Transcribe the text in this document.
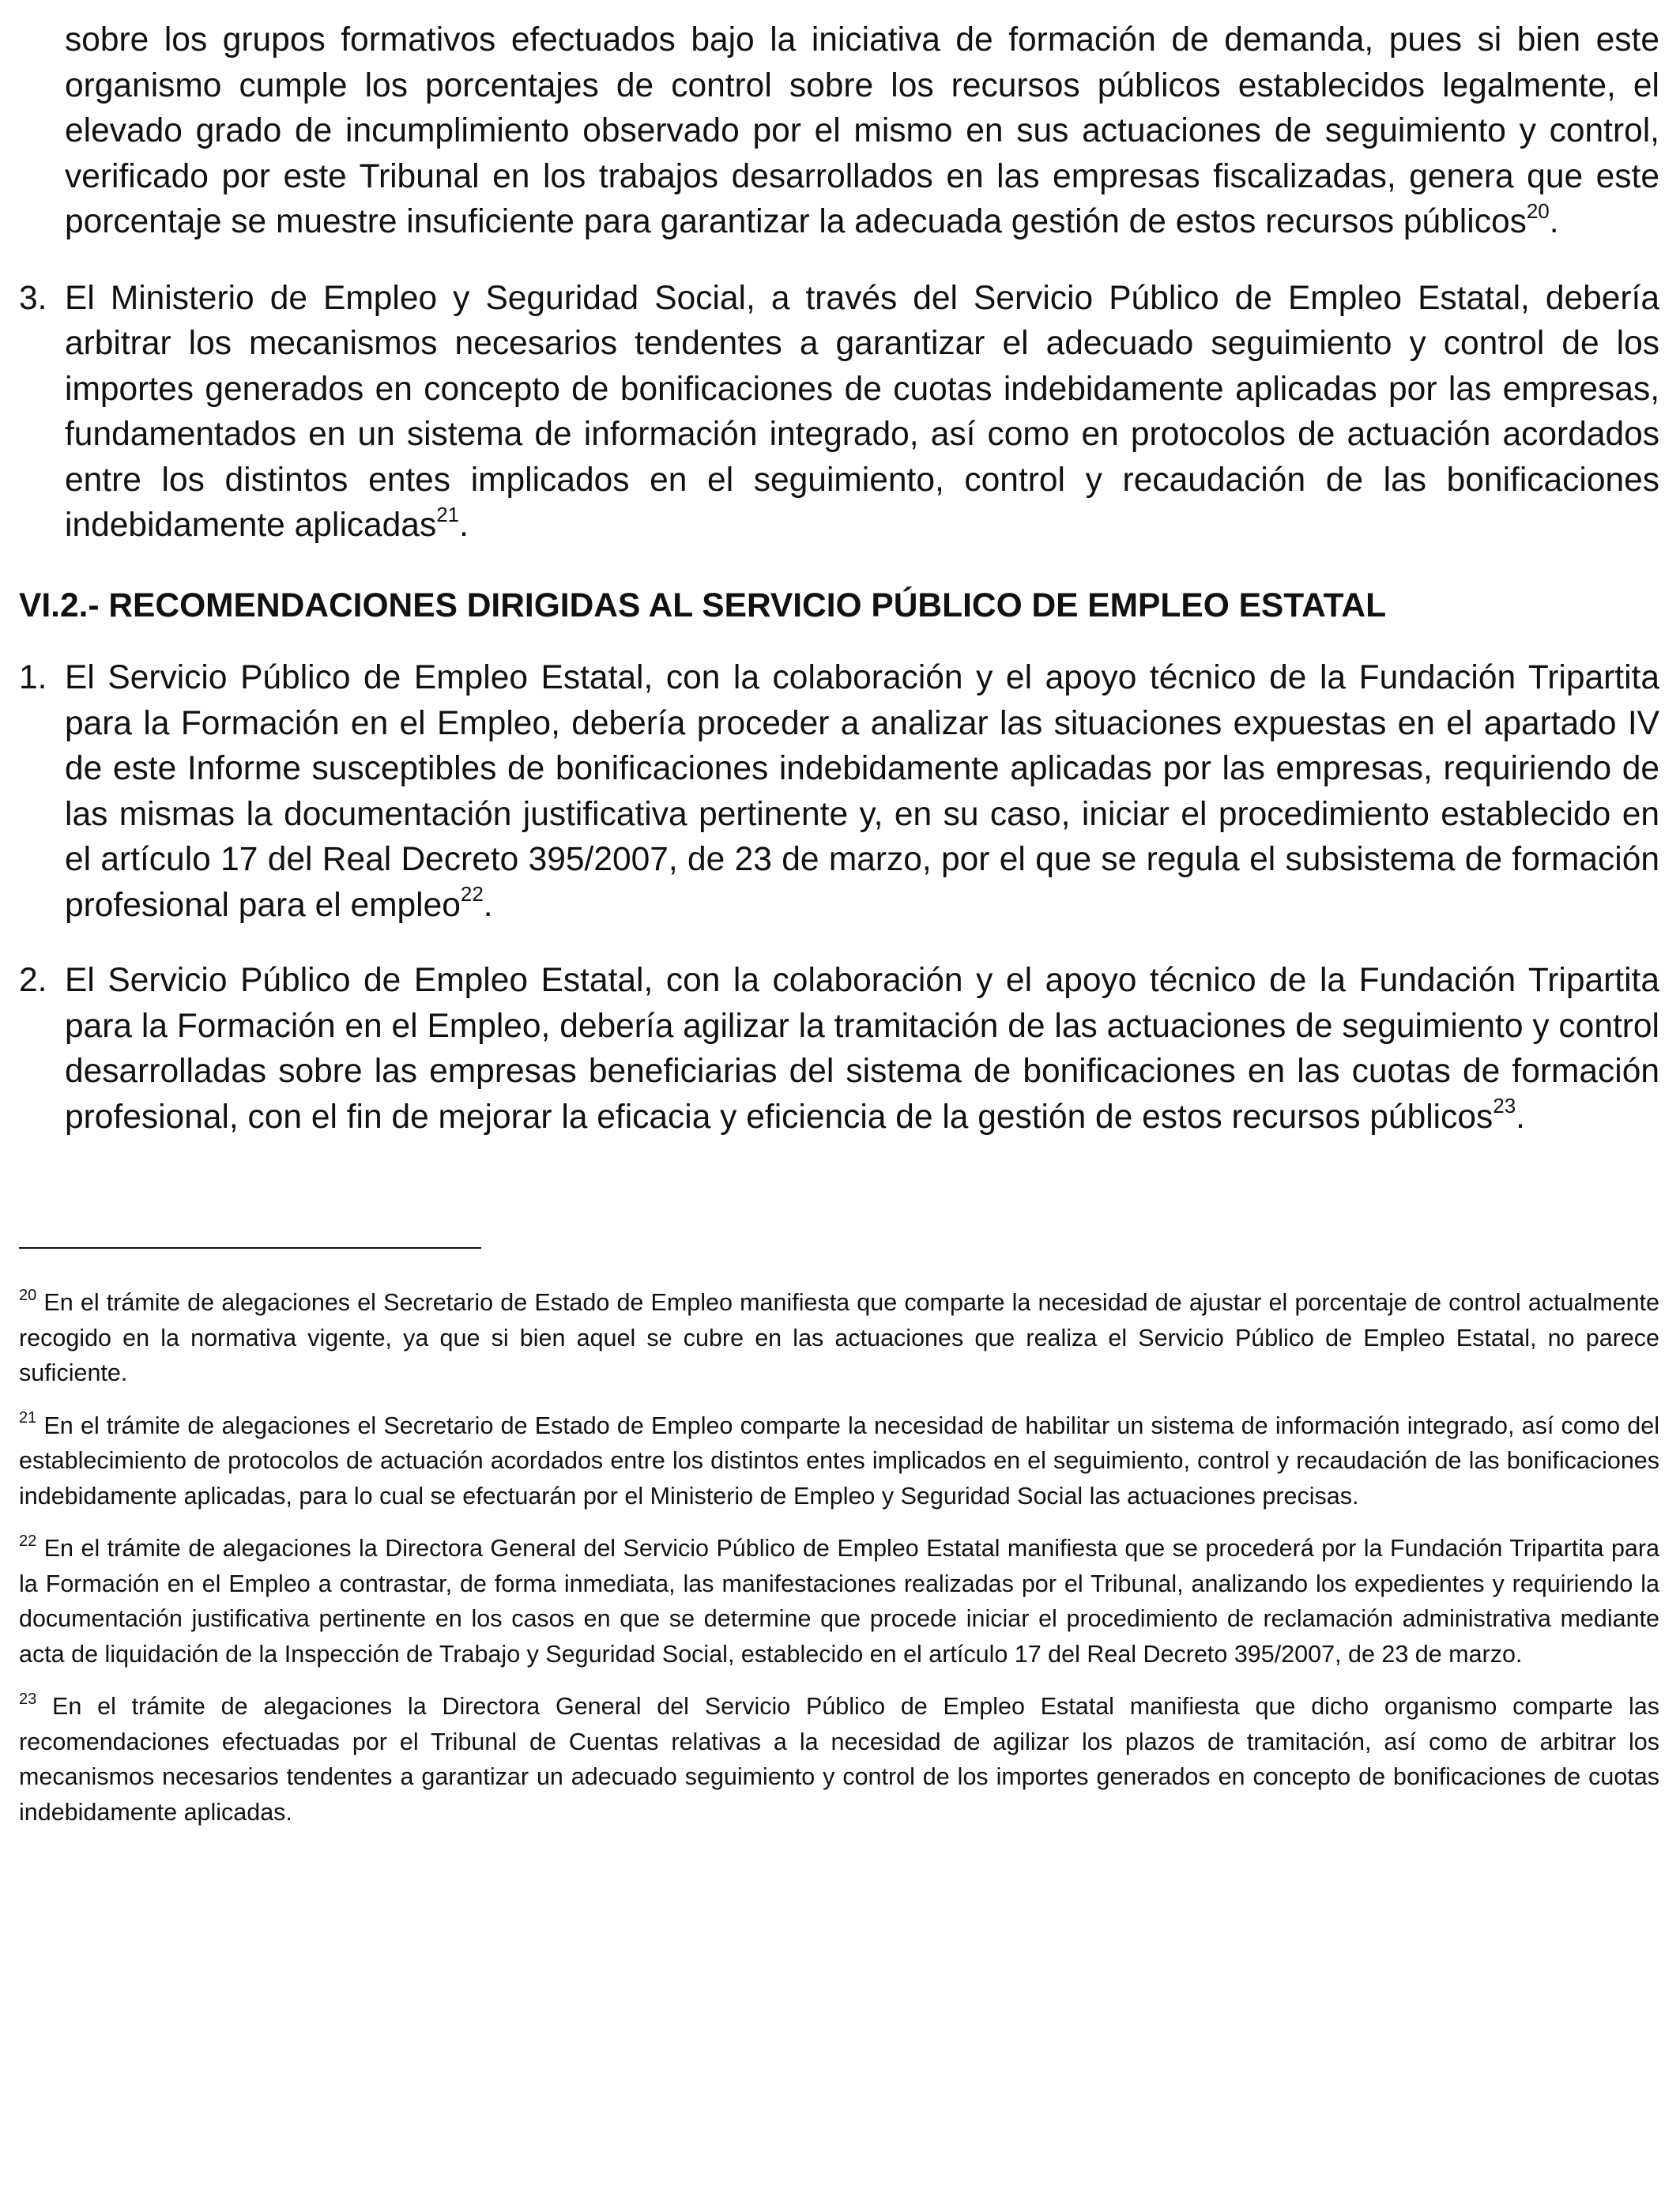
sobre los grupos formativos efectuados bajo la iniciativa de formación de demanda, pues si bien este organismo cumple los porcentajes de control sobre los recursos públicos establecidos legalmente, el elevado grado de incumplimiento observado por el mismo en sus actuaciones de seguimiento y control, verificado por este Tribunal en los trabajos desarrollados en las empresas fiscalizadas, genera que este porcentaje se muestre insuficiente para garantizar la adecuada gestión de estos recursos públicos$^{20}$.

3. El Ministerio de Empleo y Seguridad Social, a través del Servicio Público de Empleo Estatal, debería arbitrar los mecanismos necesarios tendentes a garantizar el adecuado seguimiento y control de los importes generados en concepto de bonificaciones de cuotas indebidamente aplicadas por las empresas, fundamentados en un sistema de información integrado, así como en protocolos de actuación acordados entre los distintos entes implicados en el seguimiento, control y recaudación de las bonificaciones indebidamente aplicadas$^{21}$.

VI.2.- RECOMENDACIONES DIRIGIDAS AL SERVICIO PÚBLICO DE EMPLEO ESTATAL
1. El Servicio Público de Empleo Estatal, con la colaboración y el apoyo técnico de la Fundación Tripartita para la Formación en el Empleo, debería proceder a analizar las situaciones expuestas en el apartado IV de este Informe susceptibles de bonificaciones indebidamente aplicadas por las empresas, requiriendo de las mismas la documentación justificativa pertinente y, en su caso, iniciar el procedimiento establecido en el artículo 17 del Real Decreto 395/2007, de 23 de marzo, por el que se regula el subsistema de formación profesional para el empleo$^{22}$.

2. El Servicio Público de Empleo Estatal, con la colaboración y el apoyo técnico de la Fundación Tripartita para la Formación en el Empleo, debería agilizar la tramitación de las actuaciones de seguimiento y control desarrolladas sobre las empresas beneficiarias del sistema de bonificaciones en las cuotas de formación profesional, con el fin de mejorar la eficacia y eficiencia de la gestión de estos recursos públicos$^{23}$.

$^{20}$ En el trámite de alegaciones el Secretario de Estado de Empleo manifiesta que comparte la necesidad de ajustar el porcentaje de control actualmente recogido en la normativa vigente, ya que si bien aquel se cubre en las actuaciones que realiza el Servicio Público de Empleo Estatal, no parece suficiente.

$^{21}$ En el trámite de alegaciones el Secretario de Estado de Empleo comparte la necesidad de habilitar un sistema de información integrado, así como del establecimiento de protocolos de actuación acordados entre los distintos entes implicados en el seguimiento, control y recaudación de las bonificaciones indebidamente aplicadas, para lo cual se efectuarán por el Ministerio de Empleo y Seguridad Social las actuaciones precisas.

$^{22}$ En el trámite de alegaciones la Directora General del Servicio Público de Empleo Estatal manifiesta que se procederá por la Fundación Tripartita para la Formación en el Empleo a contrastar, de forma inmediata, las manifestaciones realizadas por el Tribunal, analizando los expedientes y requiriendo la documentación justificativa pertinente en los casos en que se determine que procede iniciar el procedimiento de reclamación administrativa mediante acta de liquidación de la Inspección de Trabajo y Seguridad Social, establecido en el artículo 17 del Real Decreto 395/2007, de 23 de marzo.

$^{23}$ En el trámite de alegaciones la Directora General del Servicio Público de Empleo Estatal manifiesta que dicho organismo comparte las recomendaciones efectuadas por el Tribunal de Cuentas relativas a la necesidad de agilizar los plazos de tramitación, así como de arbitrar los mecanismos necesarios tendentes a garantizar un adecuado seguimiento y control de los importes generados en concepto de bonificaciones de cuotas indebidamente aplicadas.
